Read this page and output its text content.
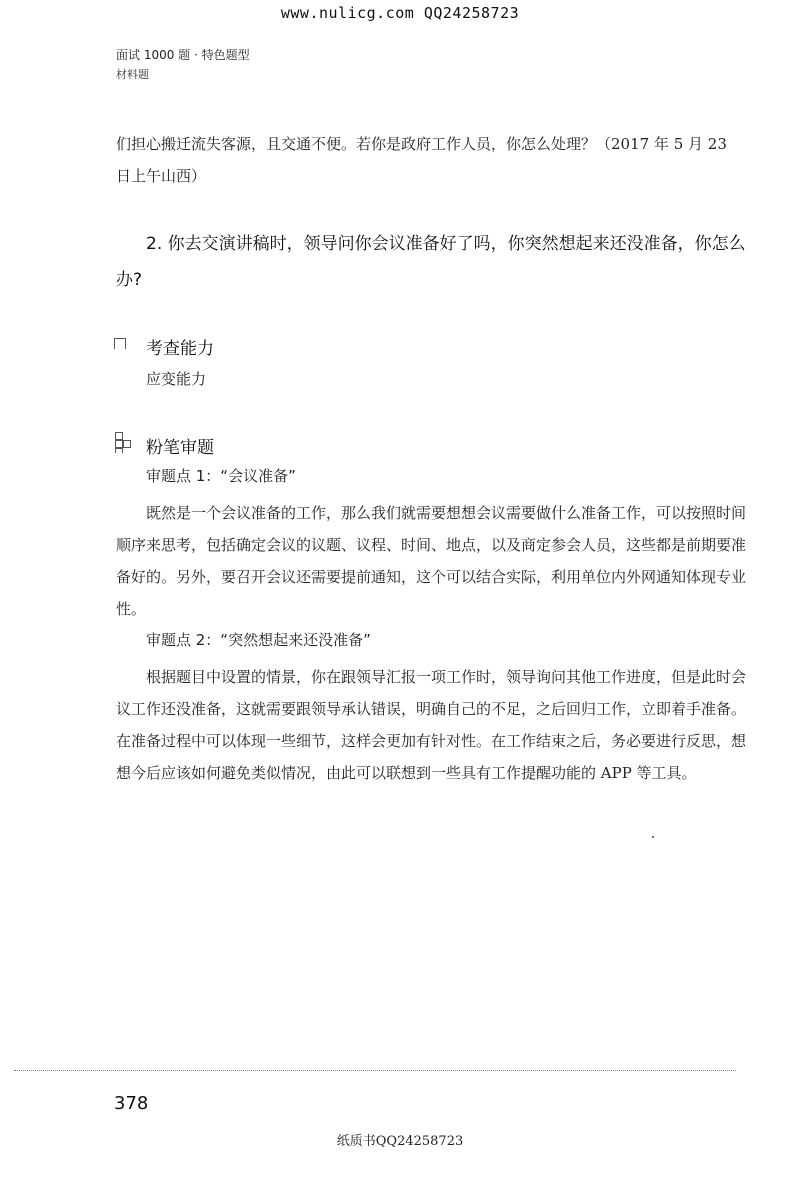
www.nulicg.com QQ24258723
面试 1000 题 · 特色题型
材料题
们担心搬迁流失客源，且交通不便。若你是政府工作人员，你怎么处理？（2017 年 5 月 23 日上午山西）
2. 你去交演讲稿时，领导问你会议准备好了吗，你突然想起来还没准备，你怎么办?
考查能力
应变能力
粉笔审题
审题点 1：“会议准备”
既然是一个会议准备的工作，那么我们就需要想想会议需要做什么准备工作，可以按照时间顺序来思考，包括确定会议的议题、议程、时间、地点，以及商定参会人员，这些都是前期要准备好的。另外，要召开会议还需要提前通知，这个可以结合实际，利用单位内外网通知体现专业性。
审题点 2：“突然想起来还没准备”
根据题目中设置的情景，你在跟领导汇报一项工作时，领导询问其他工作进度，但是此时会议工作还没准备，这就需要跟领导承认错误，明确自己的不足，之后回归工作，立即着手准备。在准备过程中可以体现一些细节，这样会更加有针对性。在工作结束之后，务必要进行反思，想想今后应该如何避免类似情况，由此可以联想到一些具有工作提醒功能的 APP 等工具。
378
纸质书QQ24258723
